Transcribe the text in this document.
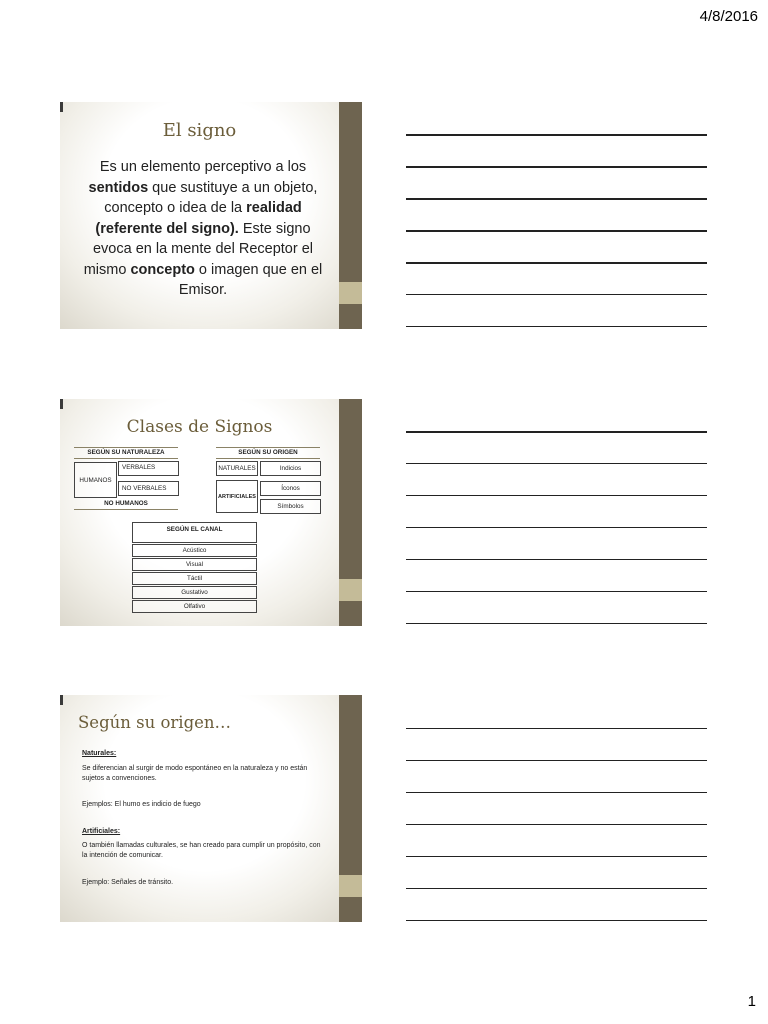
4/8/2016
El signo
Es un elemento perceptivo a los sentidos que sustituye a un objeto, concepto o idea de la realidad (referente del signo). Este signo evoca en la mente del Receptor el mismo concepto o imagen que en el Emisor.
Clases de Signos
SEGÚN SU NATURALEZA
HUMANOS
VERBALES
NO VERBALES
NO HUMANOS
SEGÚN SU ORIGEN
NATURALES	Indicios
ARTIFICIALES
Íconos
Símbolos
SEGÚN EL CANAL
Acústico
Visual
Táctil
Gustativo
Olfativo
Según su origen…
Naturales:
Se diferencian al surgir de modo espontáneo en la naturaleza y no están sujetos a convenciones.
Ejemplos: El humo es indicio de fuego
Artificiales:
O también llamadas culturales, se han creado para cumplir un propósito, con la intención de comunicar.
Ejemplo: Señales de tránsito.
1
